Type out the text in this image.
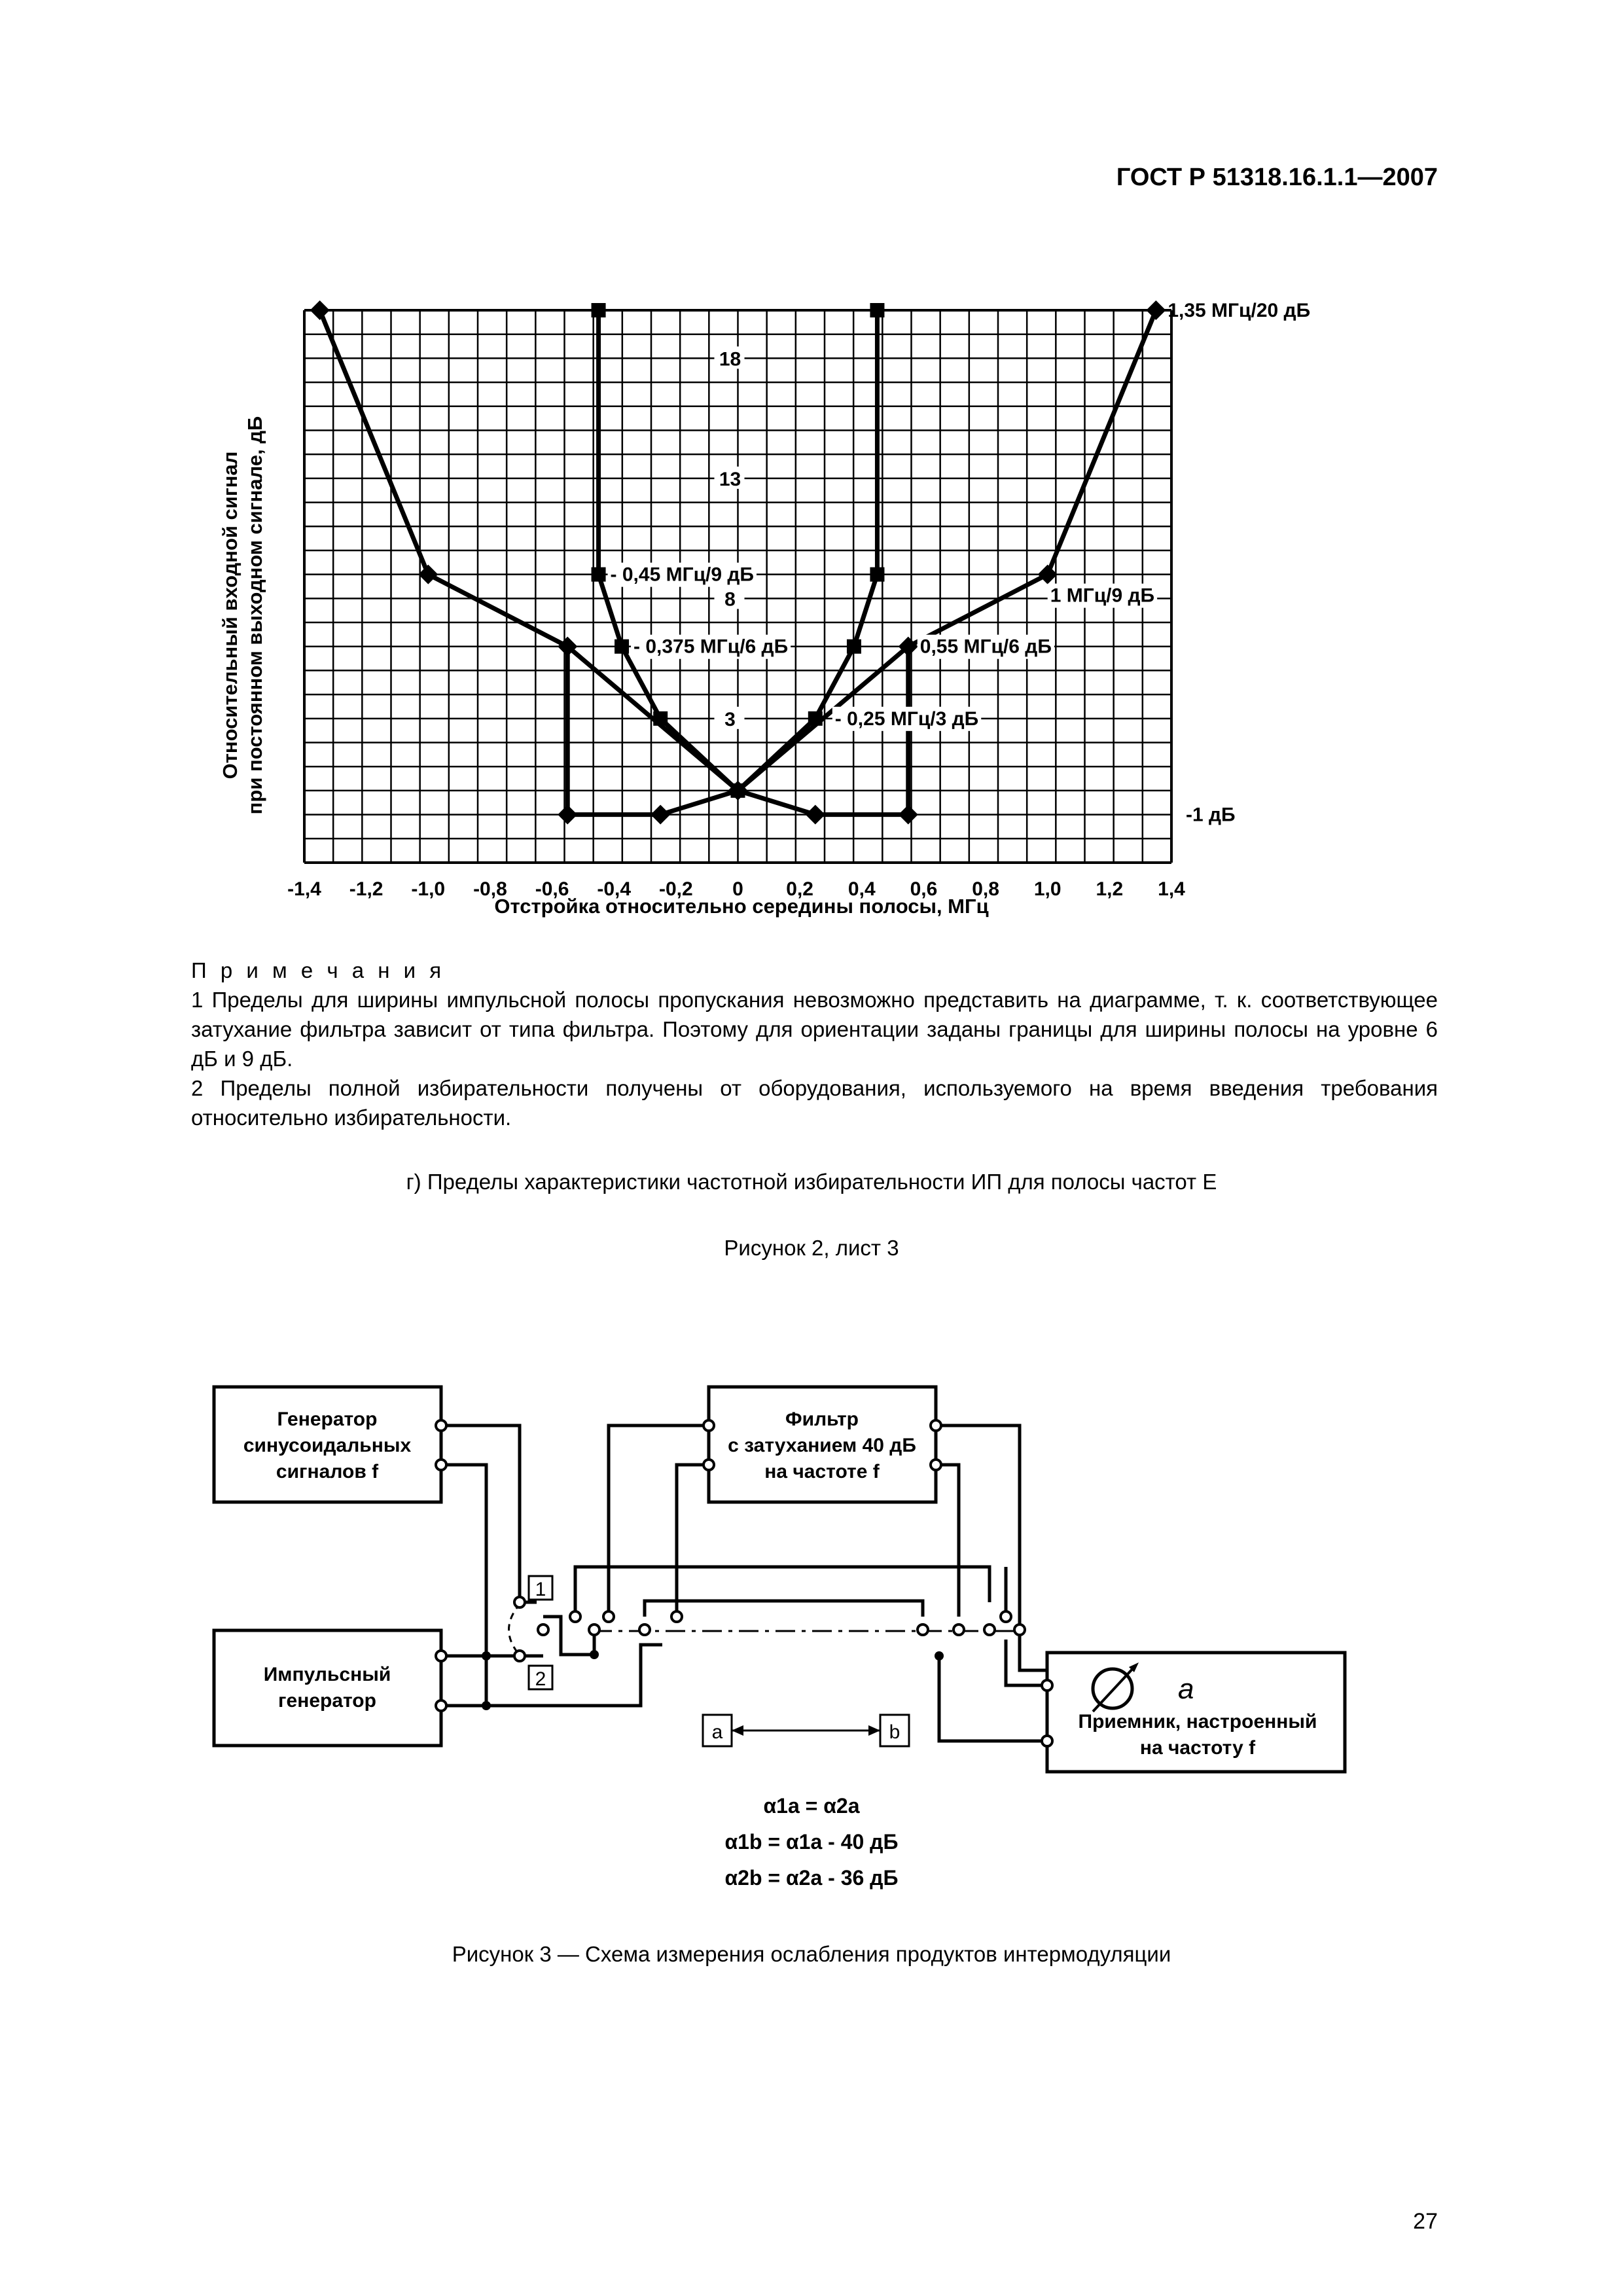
ГОСТ Р 51318.16.1.1—2007
-1,4 -1,2 -1,0 -0,8 -0,6 -0,4 -0,2 0 0,2 0,4 0,6 0,8 1,0 1,2 1,4
18
13
8
3
1,35 МГц/20 дБ
- 0,45 МГц/9 дБ
1 МГц/9 дБ
- 0,375 МГц/6 дБ	0,55 МГц/6 дБ
- 0,25 МГц/3 дБ
-1 дБ
Отстройка относительно середины полосы, МГц
Относительный входной сигнал при постоянном выходном сигнале, дБ

П р и м е ч а н и я

1 Пределы для ширины импульсной полосы пропускания невозможно представить на диаграмме, т. к. соответствующее затухание фильтра зависит от типа фильтра. Поэтому для ориентации заданы границы для ширины полосы на уровне 6 дБ и 9 дБ.

2 Пределы полной избирательности получены от оборудования, используемого на время введения требования относительно избирательности.

г) Пределы характеристики частотной избирательности ИП для полосы частот Е
Рисунок 2, лист 3
Генератор
синусоидальных
сигналов f
Импульсный
генератор
Фильтр
с затуханием 40 дБ
на частоте f
Приемник, настроенный
на частоту f
1
2
a	b
a
α1a = α2a
α1b = α1a - 40 дБ
α2b = α2a - 36 дБ
Рисунок 3 — Схема измерения ослабления продуктов интермодуляции
27
